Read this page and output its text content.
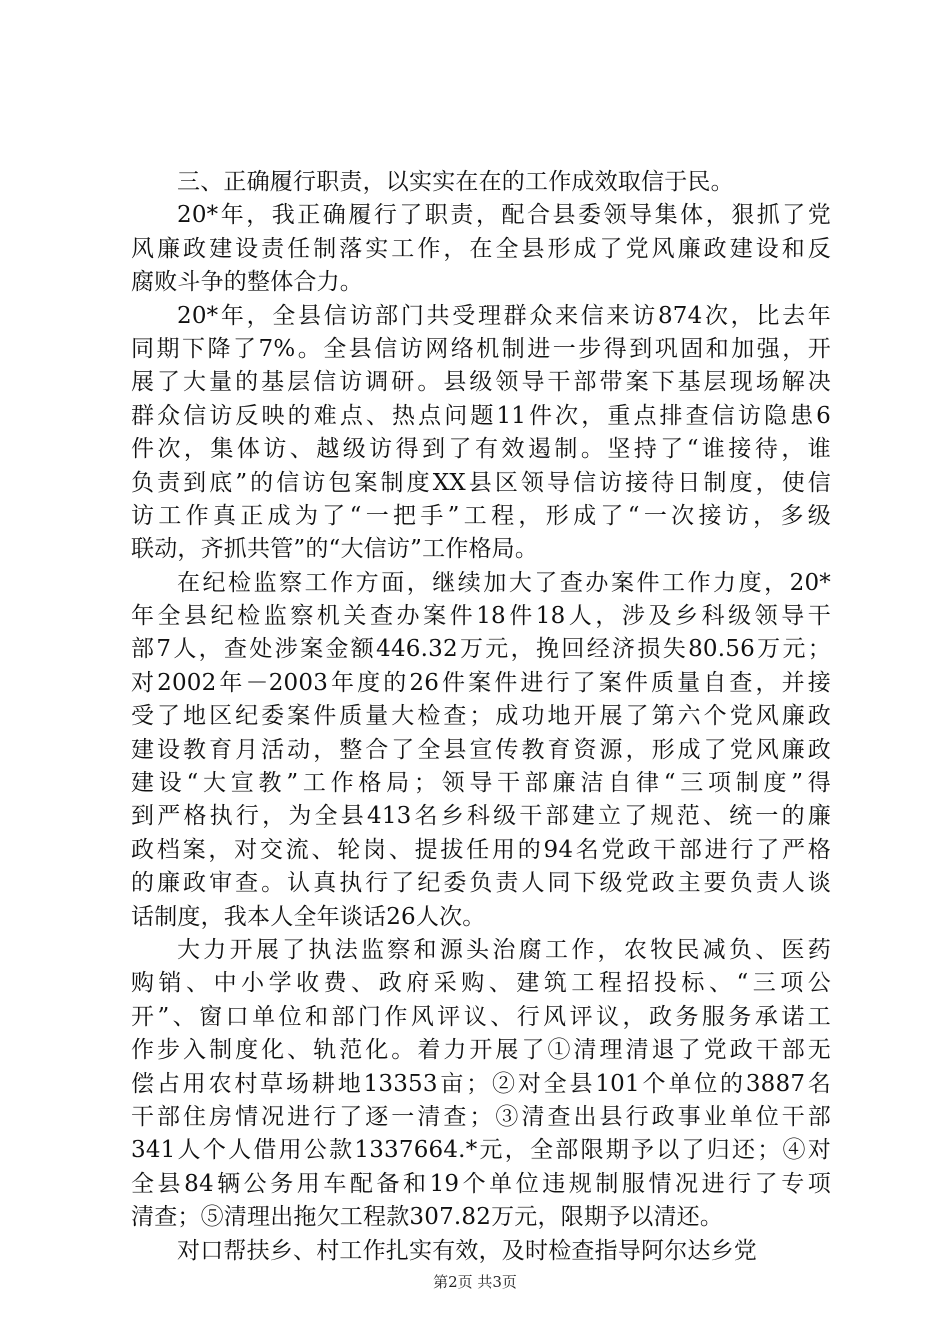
三、正确履行职责，以实实在在的工作成效取信于民。
20*年，我正确履行了职责，配合县委领导集体，狠抓了党
风廉政建设责任制落实工作，在全县形成了党风廉政建设和反
腐败斗争的整体合力。
20*年，全县信访部门共受理群众来信来访874次，比去年
同期下降了7%。全县信访网络机制进一步得到巩固和加强，开
展了大量的基层信访调研。县级领导干部带案下基层现场解决
群众信访反映的难点、热点问题11件次，重点排查信访隐患6
件次，集体访、越级访得到了有效遏制。坚持了“谁接待，谁
负责到底”的信访包案制度XX县区领导信访接待日制度，使信
访工作真正成为了“一把手”工程，形成了“一次接访，多级
联动，齐抓共管”的“大信访”工作格局。
在纪检监察工作方面，继续加大了查办案件工作力度，20*
年全县纪检监察机关查办案件18件18人，涉及乡科级领导干
部7人，查处涉案金额446.32万元，挽回经济损失80.56万元；
对2002年－2003年度的26件案件进行了案件质量自查，并接
受了地区纪委案件质量大检查；成功地开展了第六个党风廉政
建设教育月活动，整合了全县宣传教育资源，形成了党风廉政
建设“大宣教”工作格局；领导干部廉洁自律“三项制度”得
到严格执行，为全县413名乡科级干部建立了规范、统一的廉
政档案，对交流、轮岗、提拔任用的94名党政干部进行了严格
的廉政审查。认真执行了纪委负责人同下级党政主要负责人谈
话制度，我本人全年谈话26人次。
大力开展了执法监察和源头治腐工作，农牧民减负、医药
购销、中小学收费、政府采购、建筑工程招投标、“三项公
开”、窗口单位和部门作风评议、行风评议，政务服务承诺工
作步入制度化、轨范化。着力开展了①清理清退了党政干部无
偿占用农村草场耕地13353亩；②对全县101个单位的3887名
干部住房情况进行了逐一清查；③清查出县行政事业单位干部
341人个人借用公款1337664.*元，全部限期予以了归还；④对
全县84辆公务用车配备和19个单位违规制服情况进行了专项
清查；⑤清理出拖欠工程款307.82万元，限期予以清还。
对口帮扶乡、村工作扎实有效，及时检查指导阿尔达乡党
第2页 共3页
